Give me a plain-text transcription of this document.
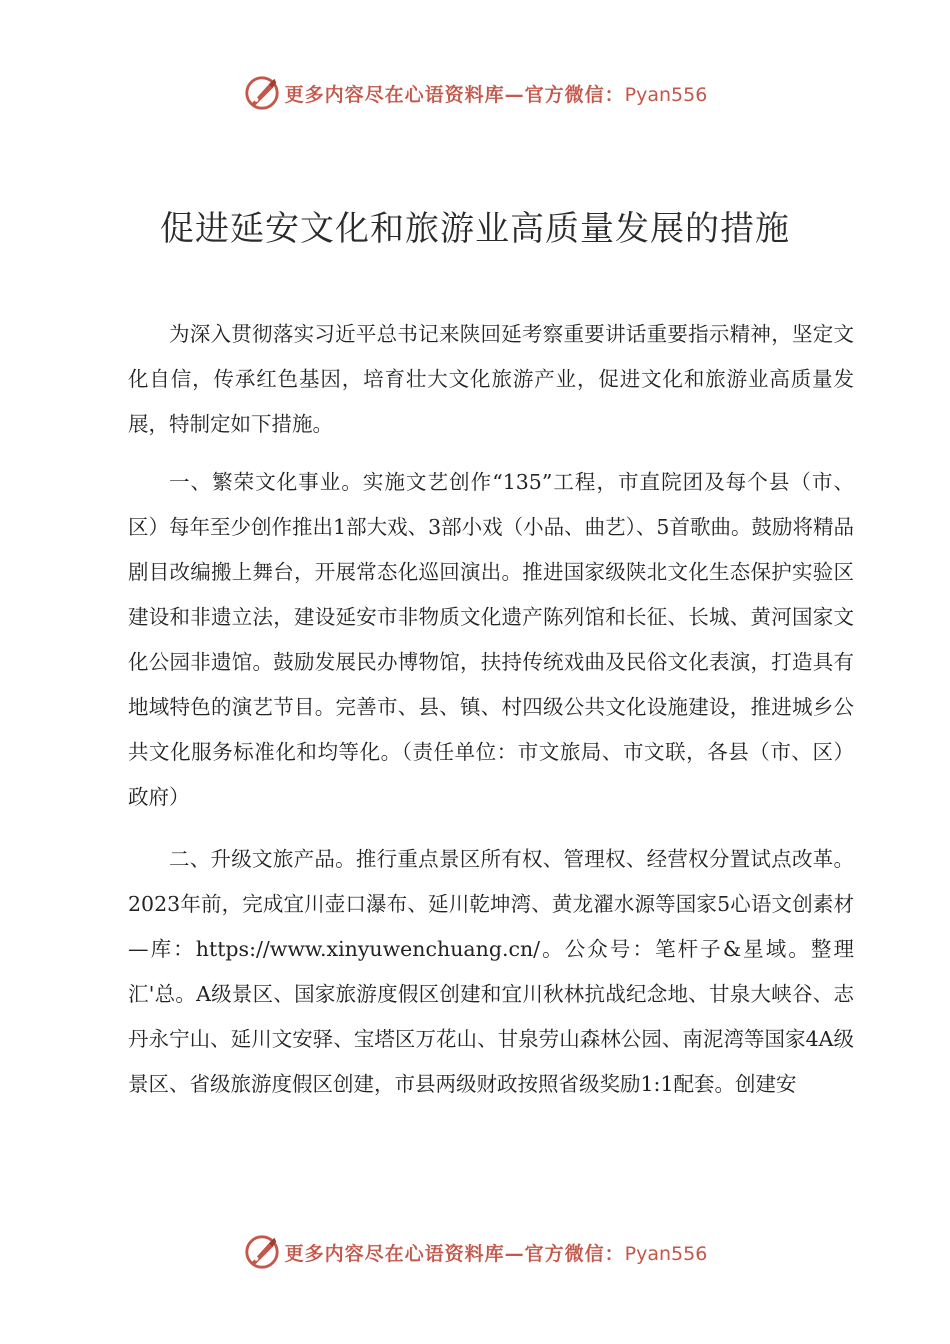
更多内容尽在心语资料库—官方微信：Pyan556
促进延安文化和旅游业高质量发展的措施

为深入贯彻落实习近平总书记来陕回延考察重要讲话重要指示精神，坚定文化自信，传承红色基因，培育壮大文化旅游产业，促进文化和旅游业高质量发展，特制定如下措施。

一、繁荣文化事业。实施文艺创作“135”工程，市直院团及每个县（市、区）每年至少创作推出1部大戏、3部小戏（小品、曲艺）、5首歌曲。鼓励将精品剧目改编搬上舞台，开展常态化巡回演出。推进国家级陕北文化生态保护实验区建设和非遗立法，建设延安市非物质文化遗产陈列馆和长征、长城、黄河国家文化公园非遗馆。鼓励发展民办博物馆，扶持传统戏曲及民俗文化表演，打造具有地域特色的演艺节目。完善市、县、镇、村四级公共文化设施建设，推进城乡公共文化服务标准化和均等化。（责任单位：市文旅局、市文联，各县（市、区）政府）

二、升级文旅产品。推行重点景区所有权、管理权、经营权分置试点改革。2023年前，完成宜川壶口瀑布、延川乾坤湾、黄龙濯水源等国家5心语文创素材—库：https://www.xinyuwenchuang.cn/。公众号：笔杆子&星域。整理汇'总。A级景区、国家旅游度假区创建和宜川秋林抗战纪念地、甘泉大峡谷、志丹永宁山、延川文安驿、宝塔区万花山、甘泉劳山森林公园、南泥湾等国家4A级景区、省级旅游度假区创建，市县两级财政按照省级奖励1:1配套。创建安

更多内容尽在心语资料库—官方微信：Pyan556
